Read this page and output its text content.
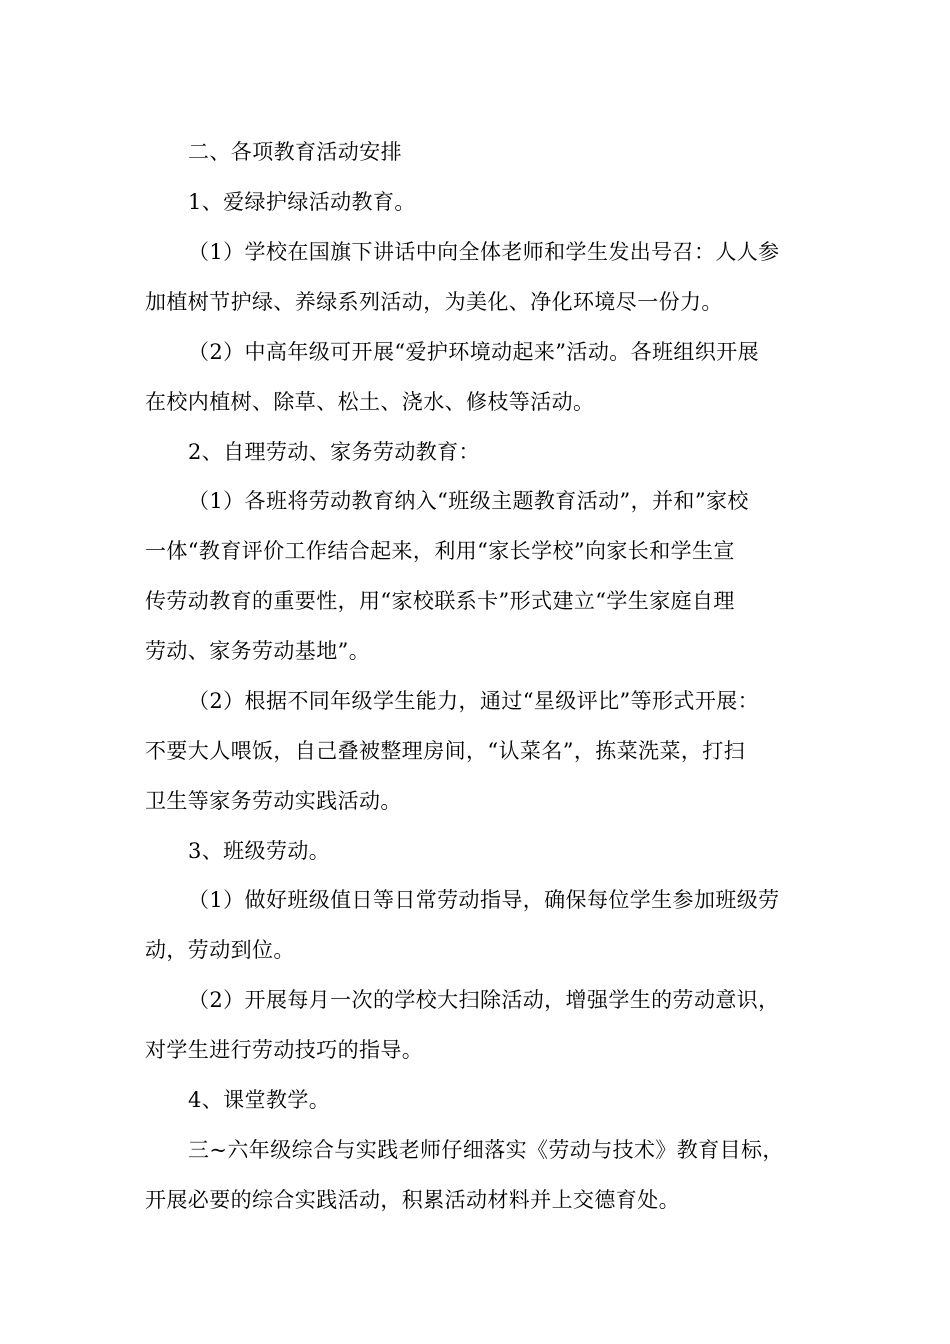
二、各项教育活动安排
1、爱绿护绿活动教育。
（1）学校在国旗下讲话中向全体老师和学生发出号召：人人参
加植树节护绿、养绿系列活动，为美化、净化环境尽一份力。
（2）中高年级可开展“爱护环境动起来”活动。各班组织开展
在校内植树、除草、松土、浇水、修枝等活动。
2、自理劳动、家务劳动教育：
（1）各班将劳动教育纳入“班级主题教育活动”，并和”家校
一体“教育评价工作结合起来，利用“家长学校”向家长和学生宣
传劳动教育的重要性，用“家校联系卡”形式建立“学生家庭自理
劳动、家务劳动基地”。
（2）根据不同年级学生能力，通过“星级评比”等形式开展：
不要大人喂饭，自己叠被整理房间，“认菜名”，拣菜洗菜，打扫
卫生等家务劳动实践活动。
3、班级劳动。
（1）做好班级值日等日常劳动指导，确保每位学生参加班级劳
动，劳动到位。
（2）开展每月一次的学校大扫除活动，增强学生的劳动意识，
对学生进行劳动技巧的指导。
4、课堂教学。
三~六年级综合与实践老师仔细落实《劳动与技术》教育目标，
开展必要的综合实践活动，积累活动材料并上交德育处。
